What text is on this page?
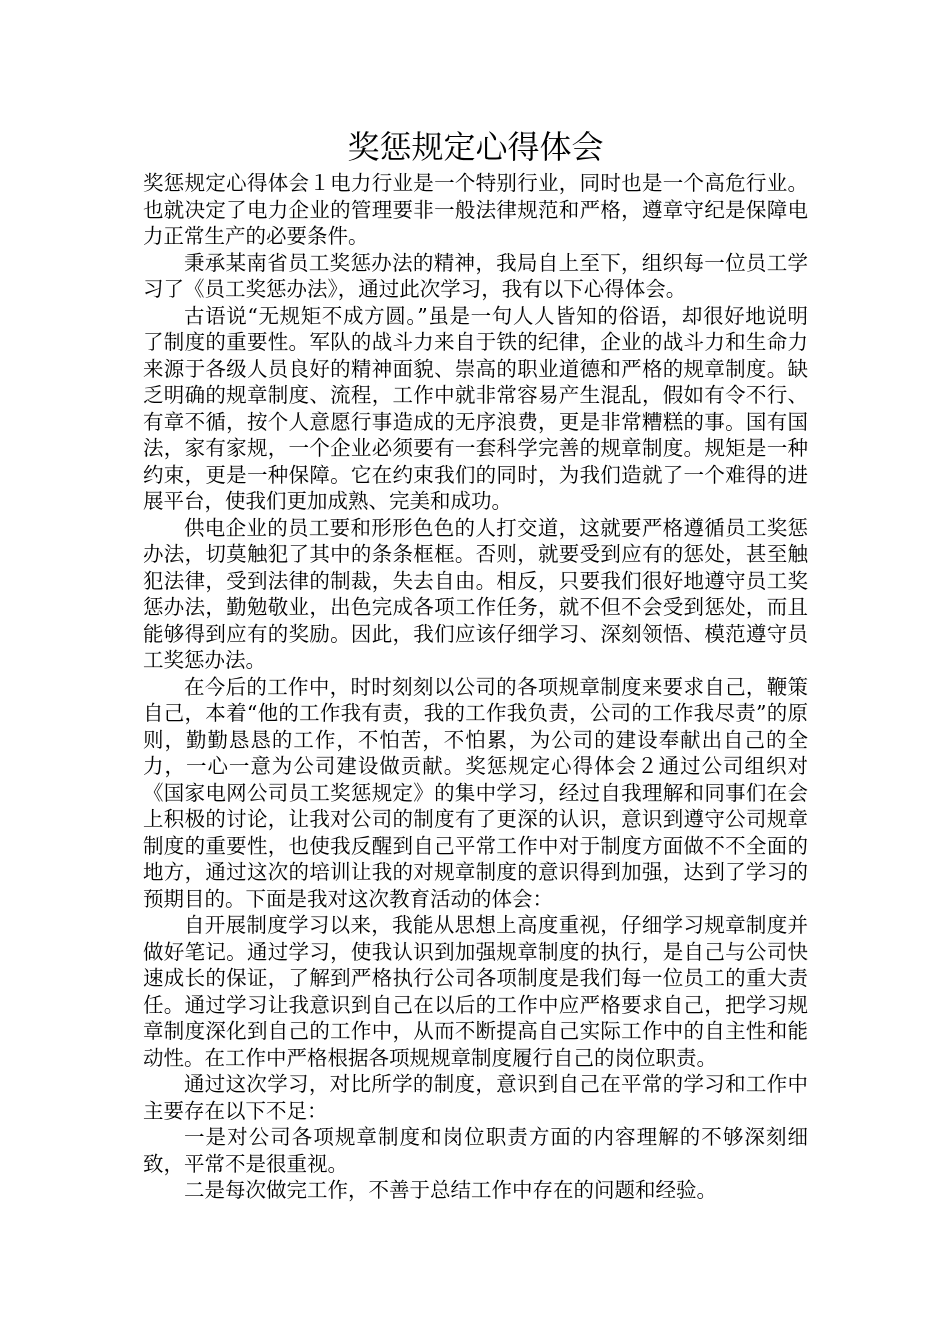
奖惩规定心得体会

奖惩规定心得体会１电力行业是一个特别行业，同时也是一个高危行业。也就决定了电力企业的管理要非一般法律规范和严格，遵章守纪是保障电力正常生产的必要条件。

秉承某南省员工奖惩办法的精神，我局自上至下，组织每一位员工学习了《员工奖惩办法》，通过此次学习，我有以下心得体会。

古语说“无规矩不成方圆。”虽是一句人人皆知的俗语，却很好地说明了制度的重要性。军队的战斗力来自于铁的纪律，企业的战斗力和生命力来源于各级人员良好的精神面貌、崇高的职业道德和严格的规章制度。缺乏明确的规章制度、流程，工作中就非常容易产生混乱，假如有令不行、有章不循，按个人意愿行事造成的无序浪费，更是非常糟糕的事。国有国法，家有家规，一个企业必须要有一套科学完善的规章制度。规矩是一种约束，更是一种保障。它在约束我们的同时，为我们造就了一个难得的进展平台，使我们更加成熟、完美和成功。

供电企业的员工要和形形色色的人打交道，这就要严格遵循员工奖惩办法，切莫触犯了其中的条条框框。否则，就要受到应有的惩处，甚至触犯法律，受到法律的制裁，失去自由。相反，只要我们很好地遵守员工奖惩办法，勤勉敬业，出色完成各项工作任务，就不但不会受到惩处，而且能够得到应有的奖励。因此，我们应该仔细学习、深刻领悟、模范遵守员工奖惩办法。

在今后的工作中，时时刻刻以公司的各项规章制度来要求自己，鞭策自己，本着“他的工作我有责，我的工作我负责，公司的工作我尽责”的原则，勤勤恳恳的工作，不怕苦，不怕累，为公司的建设奉献出自己的全力，一心一意为公司建设做贡献。奖惩规定心得体会２通过公司组织对《国家电网公司员工奖惩规定》的集中学习，经过自我理解和同事们在会上积极的讨论，让我对公司的制度有了更深的认识，意识到遵守公司规章制度的重要性，也使我反醒到自己平常工作中对于制度方面做不不全面的地方，通过这次的培训让我的对规章制度的意识得到加强，达到了学习的预期目的。下面是我对这次教育活动的体会：

自开展制度学习以来，我能从思想上高度重视，仔细学习规章制度并做好笔记。通过学习，使我认识到加强规章制度的执行，是自己与公司快速成长的保证，了解到严格执行公司各项制度是我们每一位员工的重大责任。通过学习让我意识到自己在以后的工作中应严格要求自己，把学习规章制度深化到自己的工作中，从而不断提高自己实际工作中的自主性和能动性。在工作中严格根据各项规规章制度履行自己的岗位职责。

通过这次学习，对比所学的制度，意识到自己在平常的学习和工作中主要存在以下不足：

一是对公司各项规章制度和岗位职责方面的内容理解的不够深刻细致，平常不是很重视。

二是每次做完工作，不善于总结工作中存在的问题和经验。
